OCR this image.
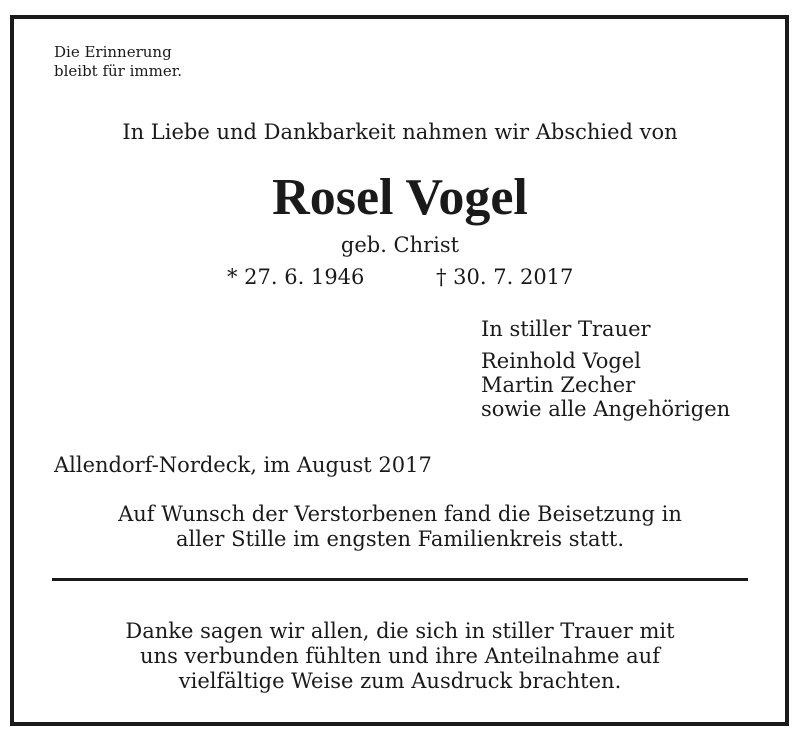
Die Erinnerung
bleibt für immer.
In Liebe und Dankbarkeit nahmen wir Abschied von
Rosel Vogel
geb. Christ
* 27. 6. 1946	† 30. 7. 2017
In stiller Trauer
Reinhold Vogel
Martin Zecher
sowie alle Angehörigen
Allendorf-Nordeck, im August 2017
Auf Wunsch der Verstorbenen fand die Beisetzung in
aller Stille im engsten Familienkreis statt.
Danke sagen wir allen, die sich in stiller Trauer mit
uns verbunden fühlten und ihre Anteilnahme auf
vielfältige Weise zum Ausdruck brachten.
